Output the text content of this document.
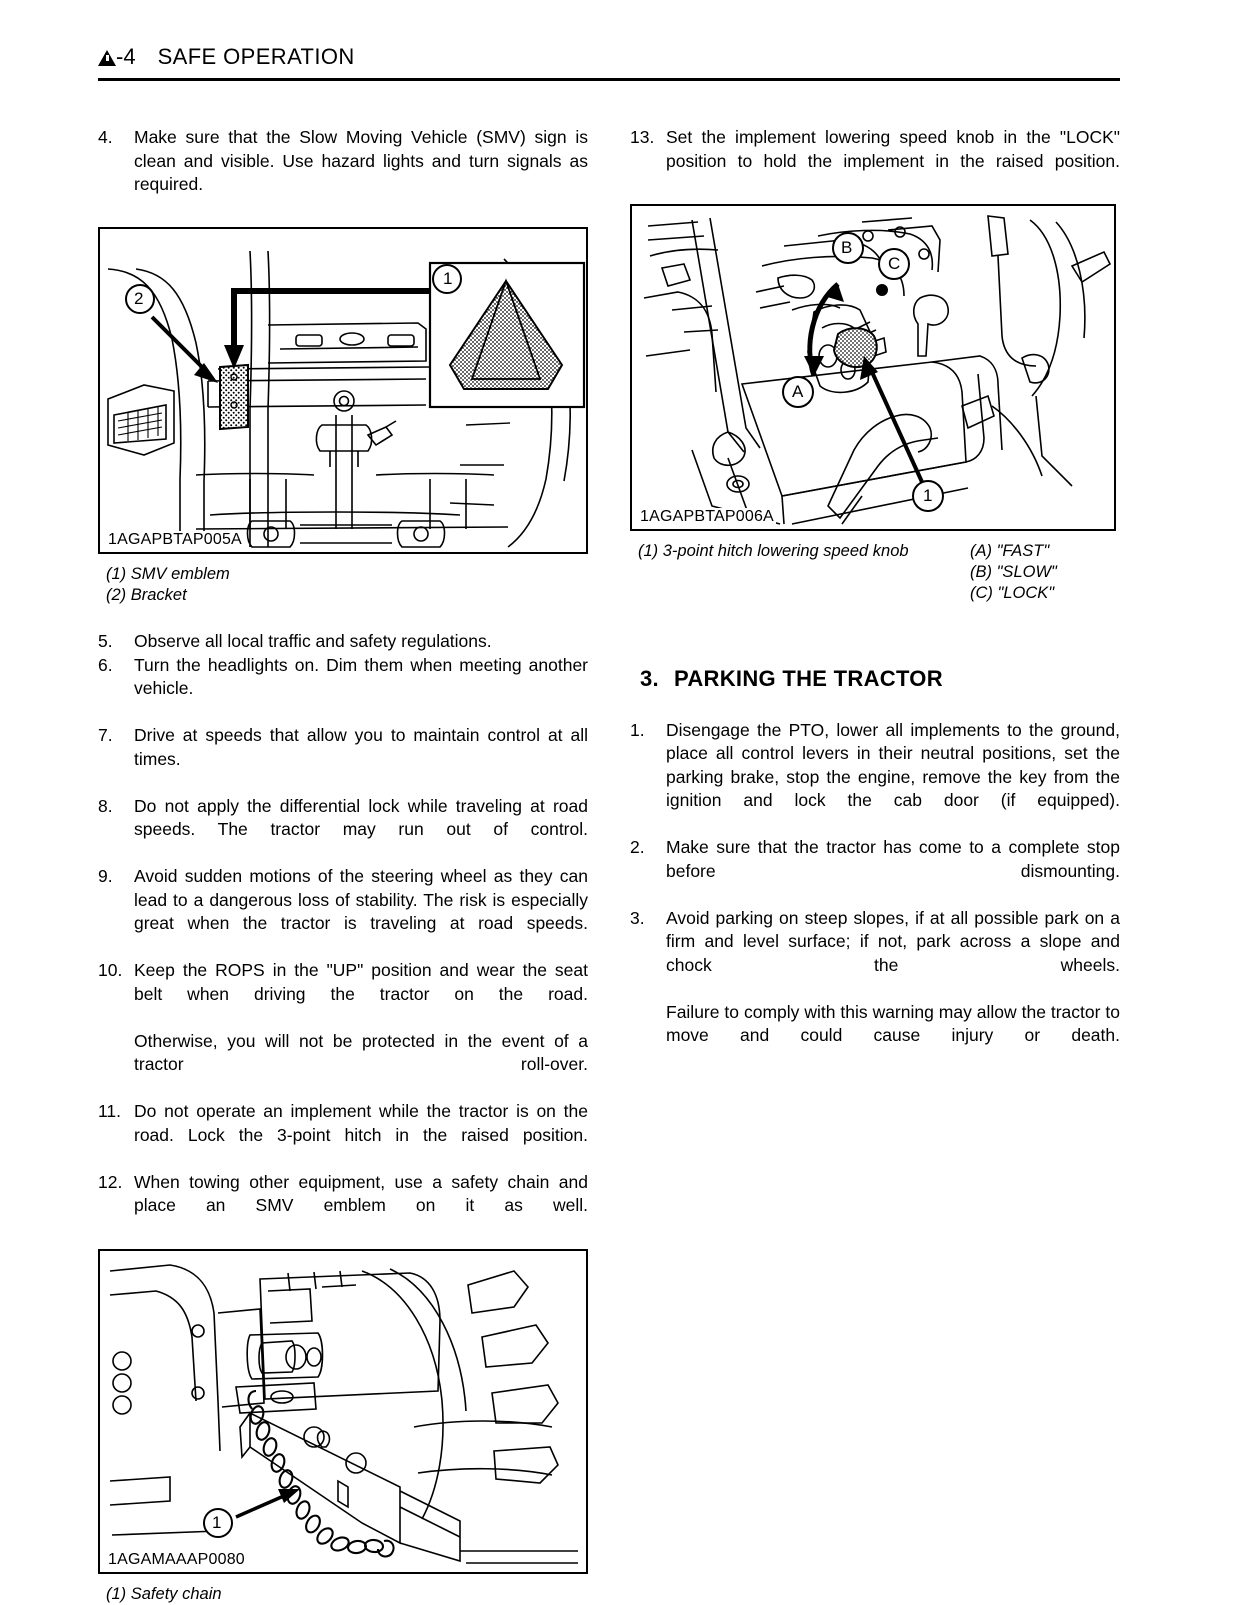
-4 SAFE OPERATION
4.	Make sure that the Slow Moving Vehicle (SMV) sign is clean and visible. Use hazard lights and turn signals as required.

2
1
1AGAPBTAP005A
(1) SMV emblem
(2) Bracket
5.	Observe all local traffic and safety regulations.

6.	Turn the headlights on. Dim them when meeting another vehicle.

7.	Drive at speeds that allow you to maintain control at all times.

8.	Do not apply the differential lock while traveling at road speeds. The tractor may run out of control.

9.	Avoid sudden motions of the steering wheel as they can lead to a dangerous loss of stability. The risk is especially great when the tractor is traveling at road speeds.

10. Keep the ROPS in the "UP" position and wear the seat belt when driving the tractor on the road.

Otherwise, you will not be protected in the event of a tractor roll-over.

11. Do not operate an implement while the tractor is on the road. Lock the 3-point hitch in the raised position.

12. When towing other equipment, use a safety chain and place an SMV emblem on it as well.

1
1AGAMAAAP0080
(1) Safety chain
13. Set the implement lowering speed knob in the "LOCK" position to hold the implement in the raised position.

B
C
A
1
1AGAPBTAP006A
(1) 3-point hitch lowering speed knob	(A) "FAST"
(B) "SLOW"
(C) "LOCK"
3. PARKING THE TRACTOR
1.	Disengage the PTO, lower all implements to the ground, place all control levers in their neutral positions, set the parking brake, stop the engine, remove the key from the ignition and lock the cab door (if equipped).

2.	Make sure that the tractor has come to a complete stop before dismounting.

3.	Avoid parking on steep slopes, if at all possible park on a firm and level surface; if not, park across a slope and chock the wheels.

Failure to comply with this warning may allow the tractor to move and could cause injury or death.
